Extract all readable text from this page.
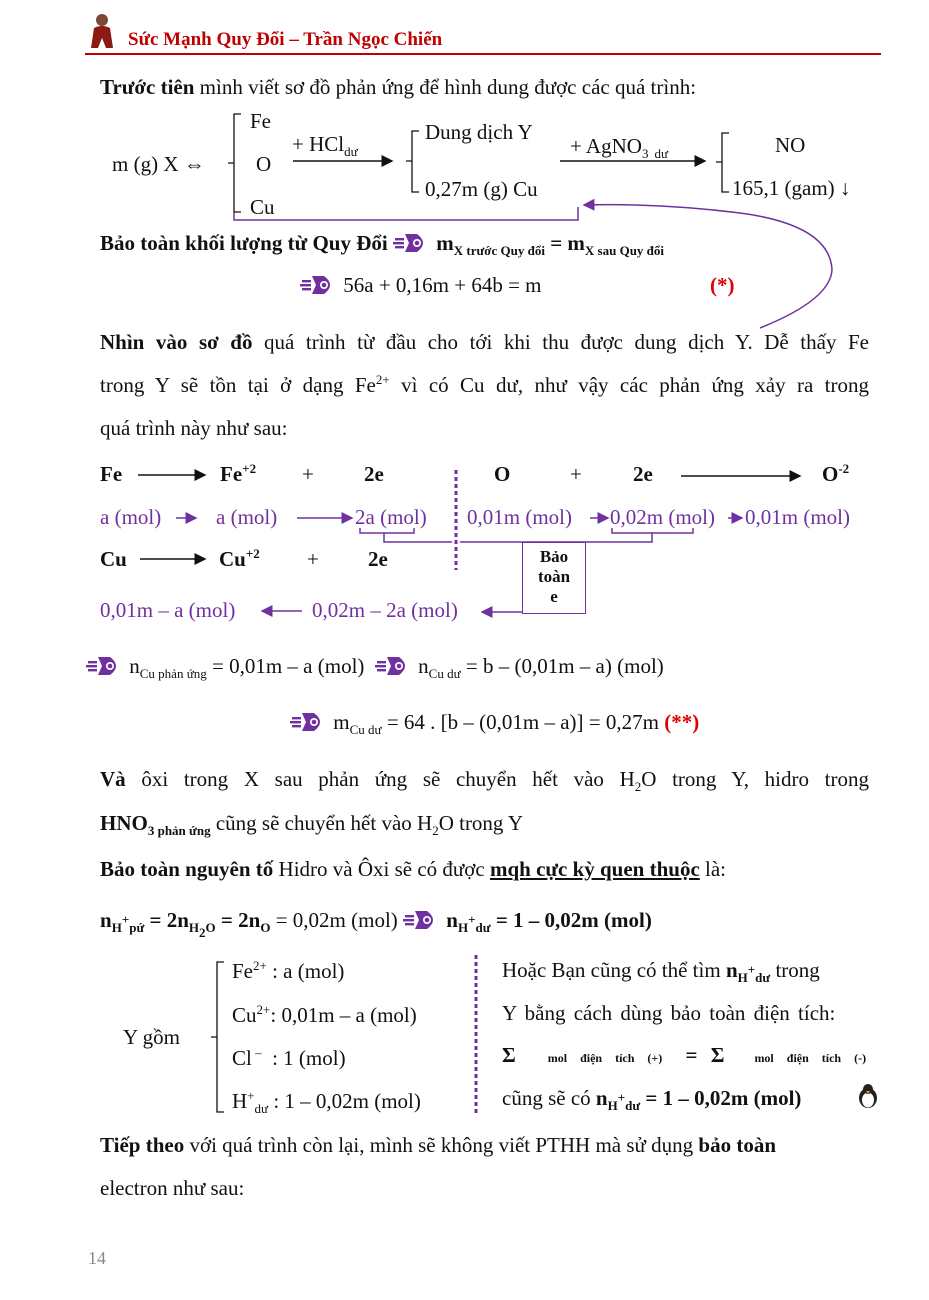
Sức Mạnh Quy Đổi – Trần Ngọc Chiến
Trước tiên mình viết sơ đồ phản ứng để hình dung được các quá trình:
m (g) X ⇔
Fe
O
Cu
+ HCl$_{dư}$
Dung dịch Y
0,27m (g) Cu
+ AgNO$_3$ $_{dư}$	NO
165,1 (gam) ↓
Bảo toàn khối lượng từ Quy Đổi $m_{X trước Quy đổi} = m_{X sau Quy đổi}$
56a + 0,16m + 64b = m	(*)
Nhìn vào sơ đồ quá trình từ đầu cho tới khi thu được dung dịch Y. Dễ thấy Fe
trong Y sẽ tồn tại ở dạng $Fe^{2+}$ vì có Cu dư, như vậy các phản ứng xảy ra trong
quá trình này như sau:
Fe	$Fe^{+2} + 2e$	O	+ 2e	$O^{-2}$
a (mol)	a (mol)	2a (mol) 0,01m (mol) 0,02m (mol) 0,01m (mol)
Cu	$Cu^{+2} + 2e$	Bảo
toàn
e
0,01m – a (mol)	0,02m – 2a (mol)
$n_{Cu phản ứng} = 0,01m - a$ (mol)	$n_{Cu dư} = b - (0,01m - a)$ (mol)
$m_{Cu dư} = 64$ . [b – (0,01m – a)] = 0,27m (**)
Và ôxi trong X sau phản ứng sẽ chuyển hết vào $H_2O$ trong Y, hidro trong
$HNO_{3 phản ứng}$ cũng sẽ chuyển hết vào $H_2O$ trong Y
Bảo toàn nguyên tố Hidro và Ôxi sẽ có được mqh cực kỳ quen thuộc là:
$n_{H^+pứ} = 2n_{H_2O} = 2n_O = 0,02m$ (mol) $n_{H^+dư} = 1 - 0,02m$ (mol)
Y gồm
$Fe^{2+}$ : a (mol)
$Cu^{2+}$: 0,01m – a (mol)
Cl –  : 1 (mol)
$H^+_{dư}$ : 1 – 0,02m (mol)
Hoặc Bạn cũng có thể tìm $n_{H^+dư}$ trong
Y bằng cách dùng bảo toàn điện tích:
Σ	mol điện tích (+) = Σ	mol điện tích (-)
cũng sẽ có $n_{H^+dư} = 1 - 0,02m$ (mol)
Tiếp theo với quá trình còn lại, mình sẽ không viết PTHH mà sử dụng bảo toàn
electron như sau:
14
